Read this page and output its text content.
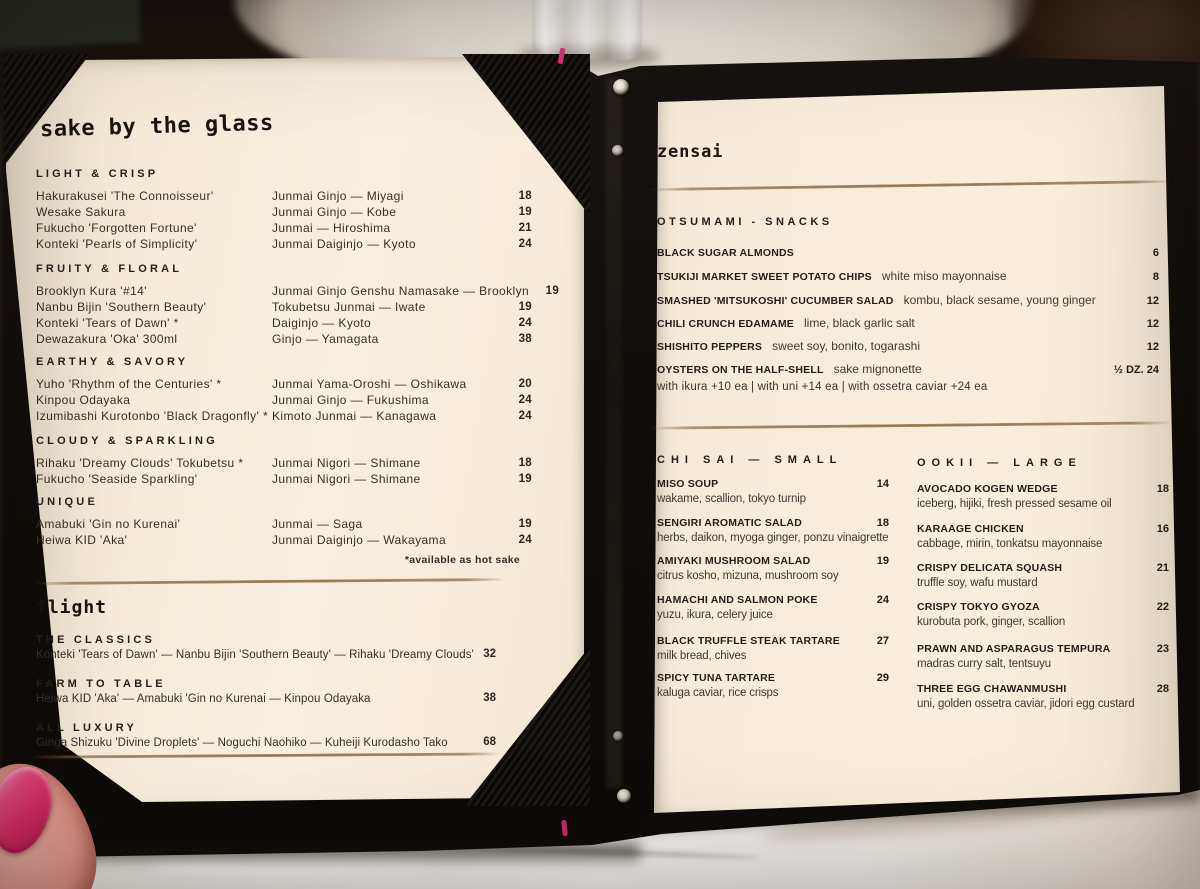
sake by the glass
LIGHT & CRISP
Hakurakusei 'The Connoisseur'	Junmai Ginjo — Miyagi	18
Wesake Sakura	Junmai Ginjo — Kobe	19
Fukucho 'Forgotten Fortune'	Junmai — Hiroshima	21
Konteki 'Pearls of Simplicity'	Junmai Daiginjo — Kyoto	24
FRUITY & FLORAL
Brooklyn Kura '#14'	Junmai Ginjo Genshu Namasake — Brooklyn	19
Nanbu Bijin 'Southern Beauty'	Tokubetsu Junmai — Iwate	19
Konteki 'Tears of Dawn' *	Daiginjo — Kyoto	24
Dewazakura 'Oka' 300ml	Ginjo — Yamagata	38
EARTHY & SAVORY
Yuho 'Rhythm of the Centuries' *	Junmai Yama-Oroshi — Oshikawa	20
Kinpou Odayaka	Junmai Ginjo — Fukushima	24
Izumibashi Kurotonbo 'Black Dragonfly' * Kimoto Junmai — Kanagawa	24
CLOUDY & SPARKLING
Rihaku 'Dreamy Clouds' Tokubetsu *	Junmai Nigori — Shimane	18
Fukucho 'Seaside Sparkling'	Junmai Nigori — Shimane	19
UNIQUE
Amabuki 'Gin no Kurenai'	Junmai — Saga	19
Heiwa KID 'Aka'	Junmai Daiginjo — Wakayama	24
*available as hot sake
flight
THE CLASSICS
Konteki 'Tears of Dawn' — Nanbu Bijin 'Southern Beauty' — Rihaku 'Dreamy Clouds' 32
FARM TO TABLE
Heiwa KID 'Aka' — Amabuki 'Gin no Kurenai — Kinpou Odayaka	38
ALL LUXURY
Ginga Shizuku 'Divine Droplets' — Noguchi Naohiko — Kuheiji Kurodasho Tako	68
zensai
OTSUMAMI - SNACKS
BLACK SUGAR ALMONDS	6
TSUKIJI MARKET SWEET POTATO CHIPS white miso mayonnaise	8
SMASHED 'MITSUKOSHI' CUCUMBER SALAD kombu, black sesame, young ginger	12
CHILI CRUNCH EDAMAME lime, black garlic salt	12
SHISHITO PEPPERS sweet soy, bonito, togarashi	12
OYSTERS ON THE HALF-SHELL sake mignonette	½ DZ. 24
with ikura +10 ea | with uni +14 ea | with ossetra caviar +24 ea
CHI SAI — SMALL	OOKII — LARGE
MISO SOUP	14
wakame, scallion, tokyo turnip
SENGIRI AROMATIC SALAD	18
herbs, daikon, myoga ginger, ponzu vinaigrette
AMIYAKI MUSHROOM SALAD	19
citrus kosho, mizuna, mushroom soy
HAMACHI AND SALMON POKE	24
yuzu, ikura, celery juice
BLACK TRUFFLE STEAK TARTARE	27
milk bread, chives
SPICY TUNA TARTARE	29
kaluga caviar, rice crisps
AVOCADO KOGEN WEDGE	18
iceberg, hijiki, fresh pressed sesame oil
KARAAGE CHICKEN	16
cabbage, mirin, tonkatsu mayonnaise
CRISPY DELICATA SQUASH	21
truffle soy, wafu mustard
CRISPY TOKYO GYOZA	22
kurobuta pork, ginger, scallion
PRAWN AND ASPARAGUS TEMPURA	23
madras curry salt, tentsuyu
THREE EGG CHAWANMUSHI	28
uni, golden ossetra caviar, jidori egg custard
